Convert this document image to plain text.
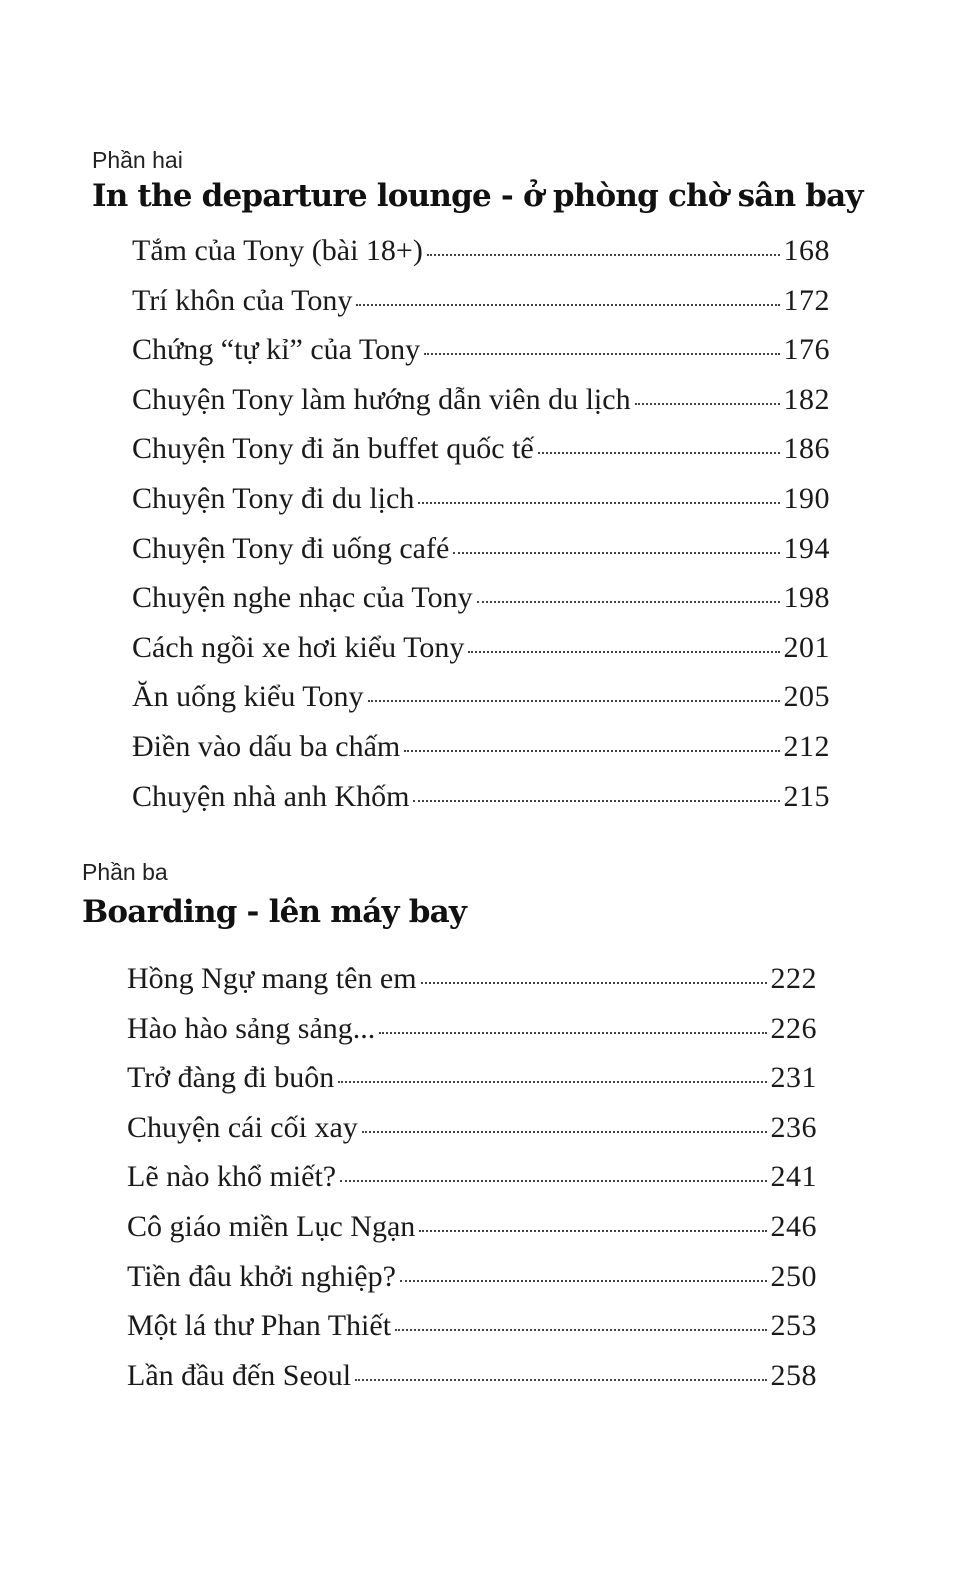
Phần hai

In the departure lounge - ở phòng chờ sân bay
Tắm của Tony (bài 18+)	168
Trí khôn của Tony	172
Chứng “tự kỉ” của Tony	176
Chuyện Tony làm hướng dẫn viên du lịch	182
Chuyện Tony đi ăn buffet quốc tế	186
Chuyện Tony đi du lịch	190
Chuyện Tony đi uống café	194
Chuyện nghe nhạc của Tony	198
Cách ngồi xe hơi kiểu Tony	201
Ăn uống kiểu Tony	205
Điền vào dấu ba chấm	212
Chuyện nhà anh Khốm	215

Phần ba

Boarding - lên máy bay
Hồng Ngự mang tên em	222
Hào hào sảng sảng...	226
Trở đàng đi buôn	231
Chuyện cái cối xay	236
Lẽ nào khổ miết?	241
Cô giáo miền Lục Ngạn	246
Tiền đâu khởi nghiệp?	250
Một lá thư Phan Thiết	253
Lần đầu đến Seoul	258
